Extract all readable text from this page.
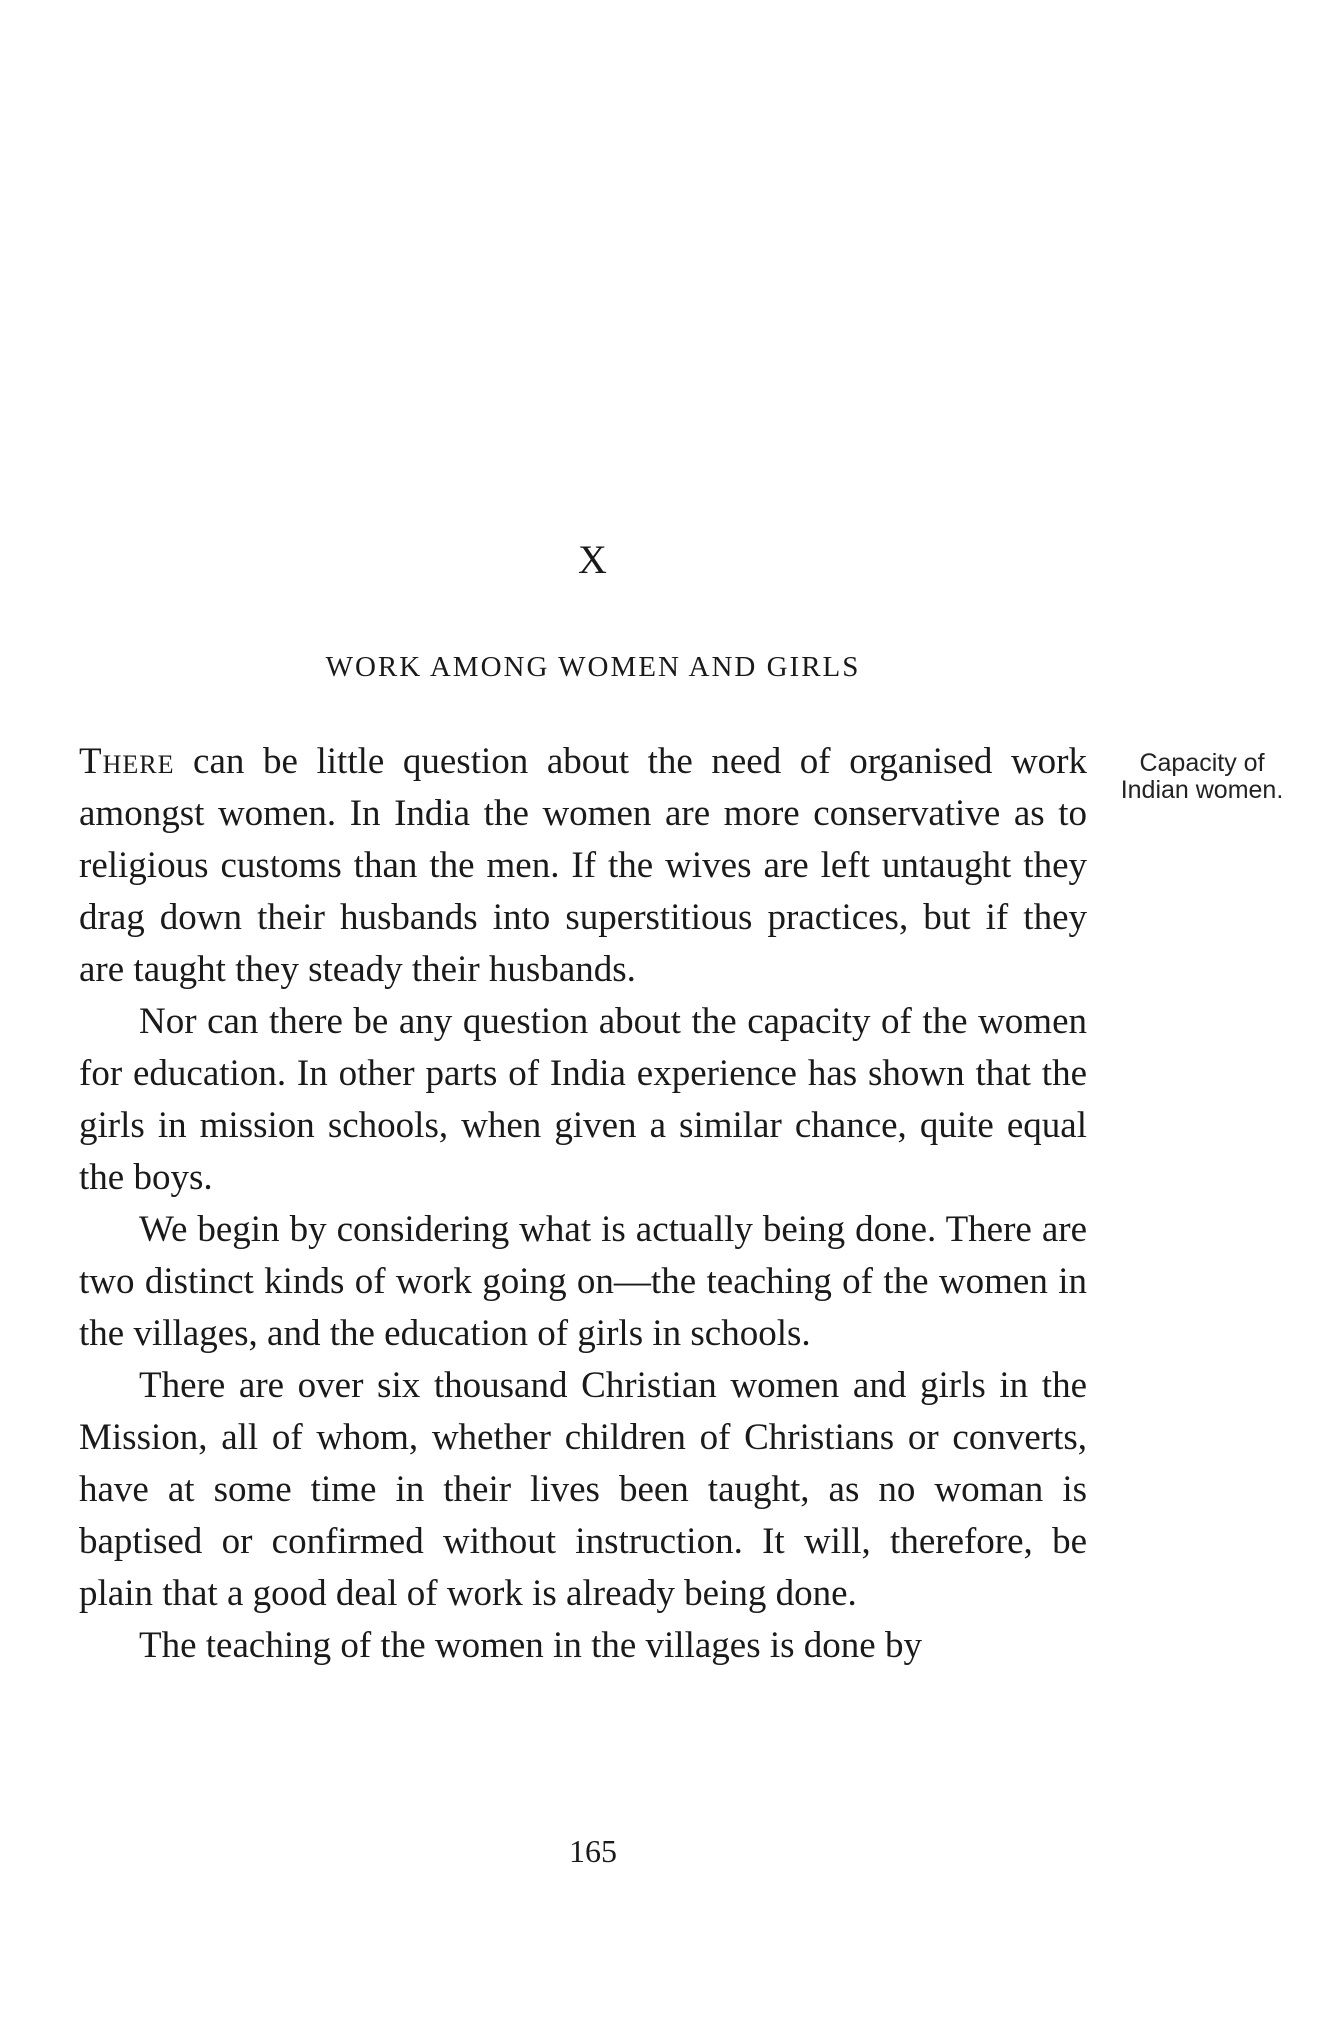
X
WORK AMONG WOMEN AND GIRLS
Capacity of Indian women.

There can be little question about the need of organised work amongst women. In India the women are more conservative as to religious customs than the men. If the wives are left untaught they drag down their husbands into superstitious practices, but if they are taught they steady their husbands.

Nor can there be any question about the capacity of the women for education. In other parts of India experience has shown that the girls in mission schools, when given a similar chance, quite equal the boys.

We begin by considering what is actually being done. There are two distinct kinds of work going on—the teaching of the women in the villages, and the education of girls in schools.

There are over six thousand Christian women and girls in the Mission, all of whom, whether children of Christians or converts, have at some time in their lives been taught, as no woman is baptised or confirmed without instruction. It will, therefore, be plain that a good deal of work is already being done.

The teaching of the women in the villages is done by

165
